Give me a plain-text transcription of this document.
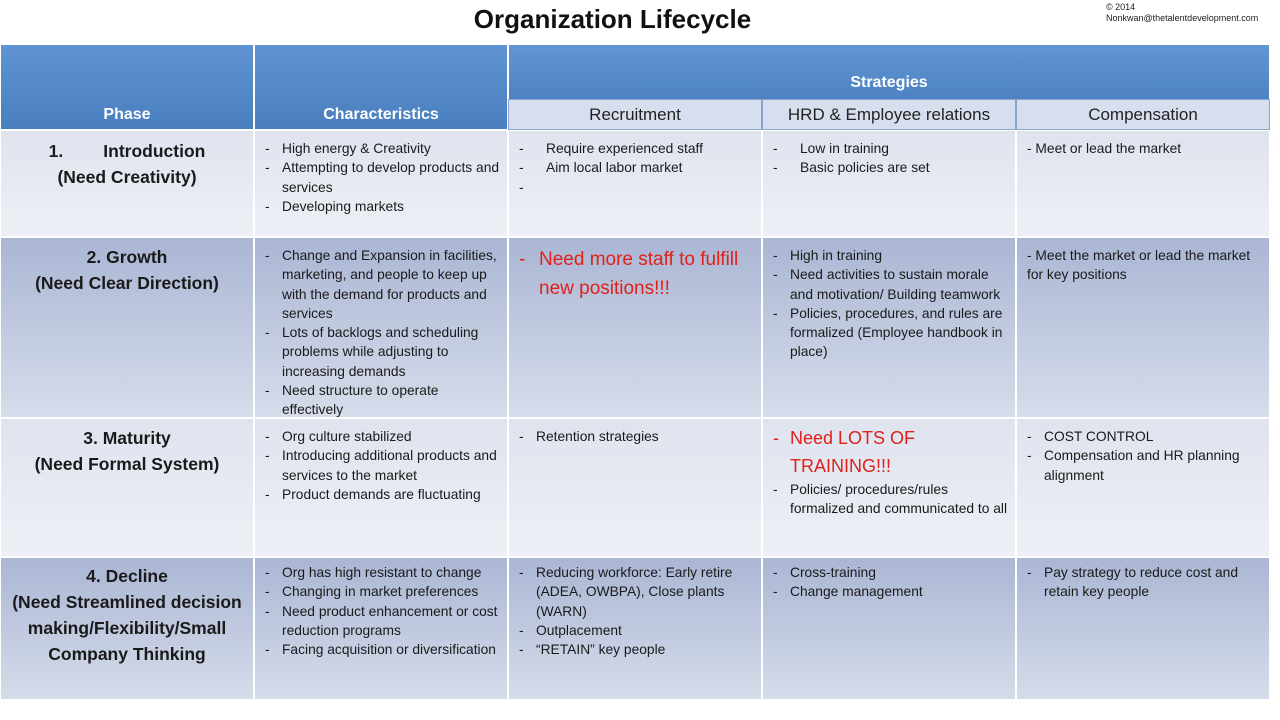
Organization Lifecycle	© 2014
Nonkwan@thetalentdevelopment.com
Phase	Characteristics
Strategies
Recruitment	HRD & Employee relations	Compensation
1. Introduction
(Need Creativity)
- High energy & Creativity
- Attempting to develop products and services
- Developing markets
- Require experienced staff
- Aim local labor market
- Low in training
- Basic policies are set
- Meet or lead the market
2. Growth
(Need Clear Direction)
- Change and Expansion in facilities, marketing, and people to keep up with the demand for products and services
- Lots of backlogs and scheduling problems while adjusting to increasing demands
- Need structure to operate effectively
- Need more staff to fulfill new positions!!!
- High in training
- Need activities to sustain morale and motivation/ Building teamwork
- Policies, procedures, and rules are formalized (Employee handbook in place)
- Meet the market or lead the market for key positions
3. Maturity
(Need Formal System)
- Org culture stabilized
- Introducing additional products and services to the market
- Product demands are fluctuating
- Retention strategies
-	Need LOTS OF TRAINING!!!
- Policies/ procedures/rules formalized and communicated to all
- COST CONTROL
- Compensation and HR planning alignment
4. Decline
(Need Streamlined decision making/Flexibility/Small Company Thinking
- Org has high resistant to change
- Changing in market preferences
- Need product enhancement or cost reduction programs
- Facing acquisition or diversification
- Reducing workforce: Early retire (ADEA, OWBPA), Close plants (WARN)
- Outplacement
- “RETAIN” key people
- Cross-training
- Change management
- Pay strategy to reduce cost and retain key people
